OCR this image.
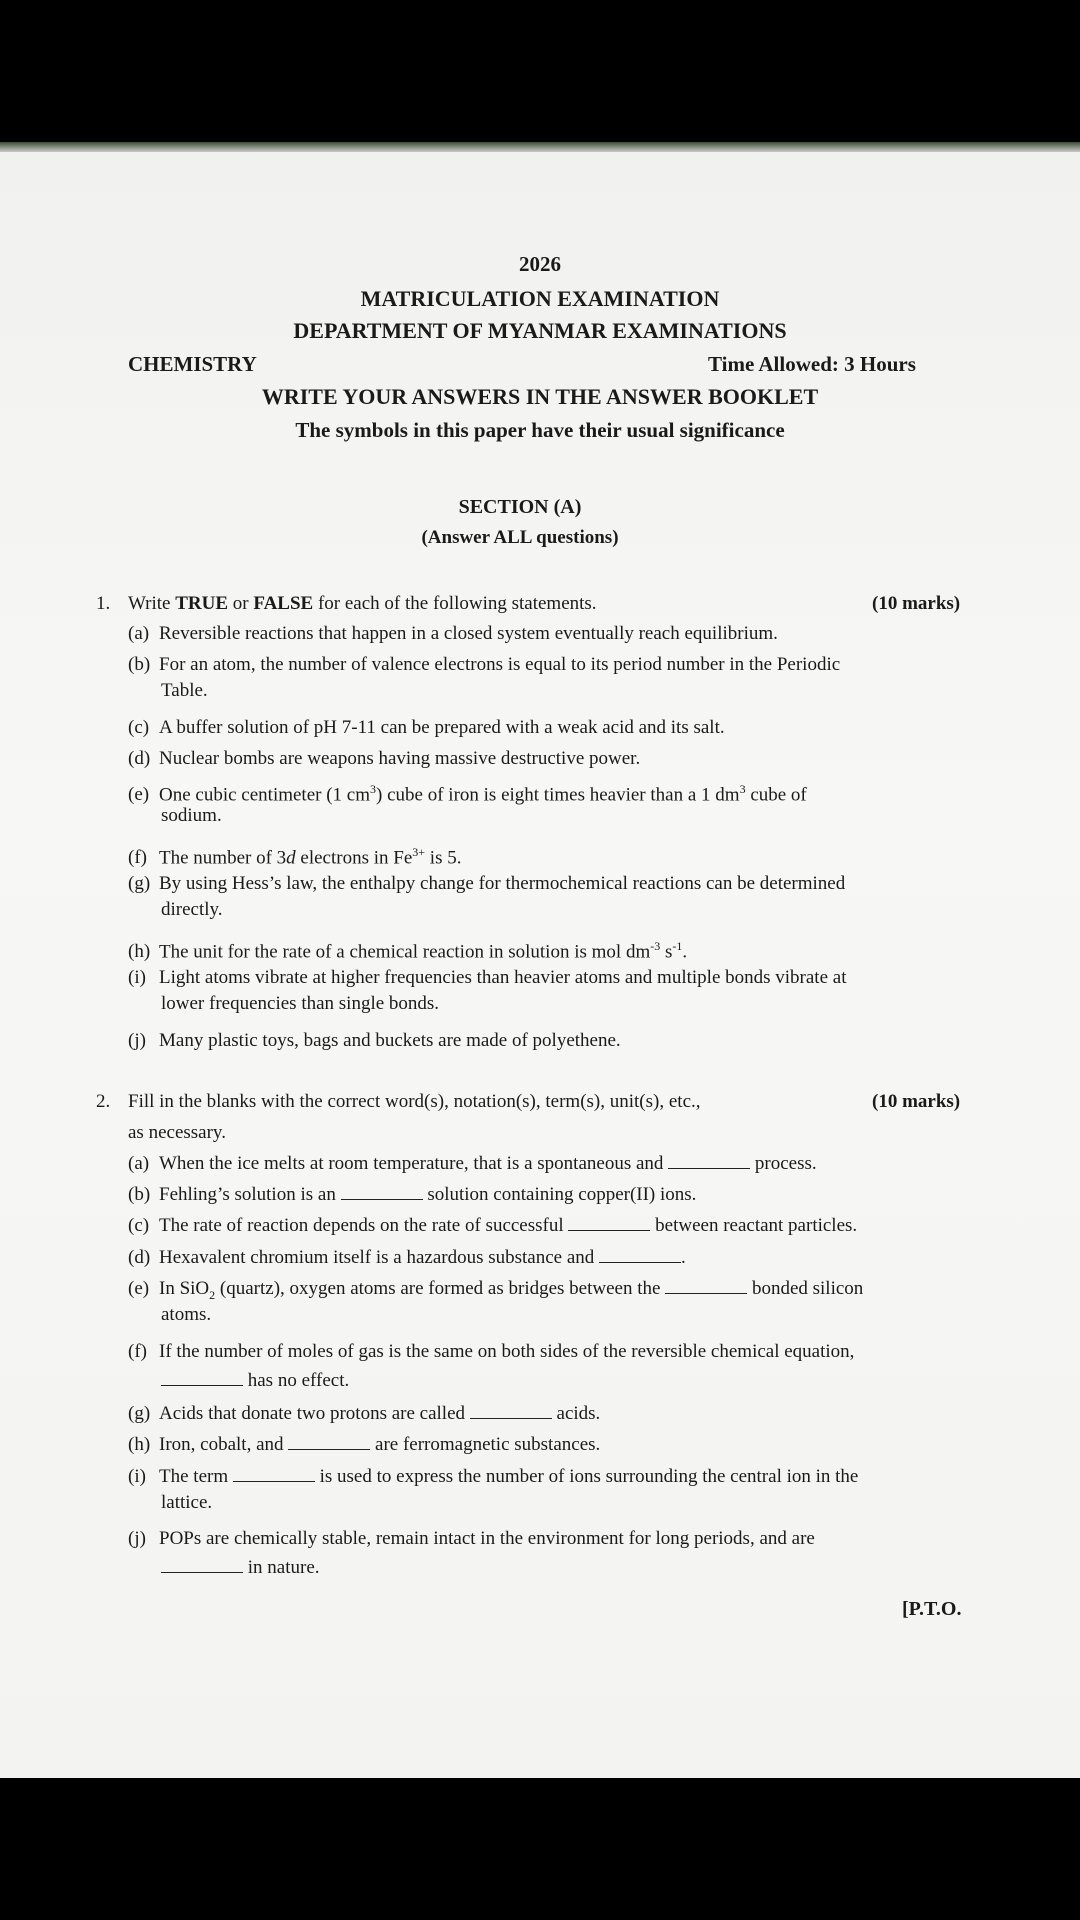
2026
MATRICULATION EXAMINATION
DEPARTMENT OF MYANMAR EXAMINATIONS
CHEMISTRY	Time Allowed: 3 Hours
WRITE YOUR ANSWERS IN THE ANSWER BOOKLET
The symbols in this paper have their usual significance
SECTION (A)
(Answer ALL questions)
1. Write TRUE or FALSE for each of the following statements.	(10 marks)
(a) Reversible reactions that happen in a closed system eventually reach equilibrium.
(b) For an atom, the number of valence electrons is equal to its period number in the Periodic
Table.
(c) A buffer solution of pH 7-11 can be prepared with a weak acid and its salt.
(d) Nuclear bombs are weapons having massive destructive power.
(e) One cubic centimeter (1 $cm^3$) cube of iron is eight times heavier than a 1 $dm^3$ cube of
sodium.
(f) The number of 3d electrons in $Fe^{3+}$ is 5.
(g) By using Hess’s law, the enthalpy change for thermochemical reactions can be determined
directly.
(h) The unit for the rate of a chemical reaction in solution is mol $dm^{-3}$ $s^{-1}$.
(i) Light atoms vibrate at higher frequencies than heavier atoms and multiple bonds vibrate at
lower frequencies than single bonds.
(j) Many plastic toys, bags and buckets are made of polyethene.
2. Fill in the blanks with the correct word(s), notation(s), term(s), unit(s), etc.,	(10 marks)
as necessary.
(a) When the ice melts at room temperature, that is a spontaneous and	process.
(b) Fehling’s solution is an	solution containing copper(II) ions.
(c) The rate of reaction depends on the rate of successful	between reactant particles.
(d) Hexavalent chromium itself is a hazardous substance and	.
(e) In SiO$_2$ (quartz), oxygen atoms are formed as bridges between the	bonded silicon
atoms.
(f) If the number of moles of gas is the same on both sides of the reversible chemical equation,
has no effect.
(g) Acids that donate two protons are called	acids.
(h) Iron, cobalt, and	are ferromagnetic substances.
(i) The term	is used to express the number of ions surrounding the central ion in the
lattice.
(j) POPs are chemically stable, remain intact in the environment for long periods, and are
in nature.
[P.T.O.
